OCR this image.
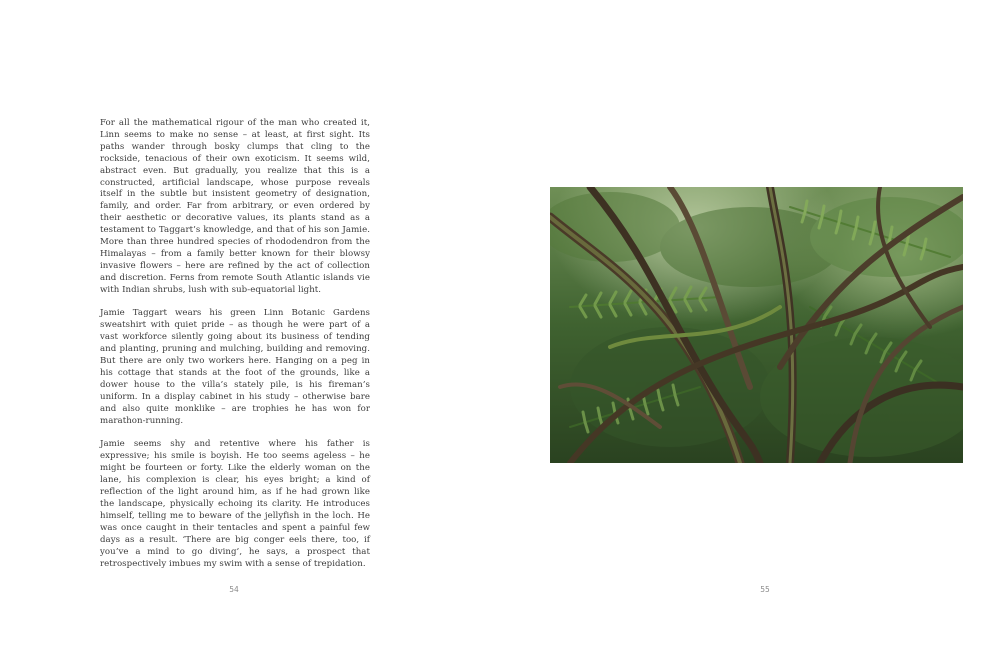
For all the mathematical rigour of the man who created it, Linn seems to make no sense – at least, at first sight. Its paths wander through bosky clumps that cling to the rockside, tenacious of their own exoticism. It seems wild, abstract even. But gradually, you realize that this is a constructed, artificial landscape, whose purpose reveals itself in the subtle but insistent geometry of designation, family, and order. Far from arbitrary, or even ordered by their aesthetic or decorative values, its plants stand as a testament to Taggart’s knowledge, and that of his son Jamie. More than three hundred species of rhododendron from the Himalayas – from a family better known for their blowsy invasive flowers – here are refined by the act of collection and discretion. Ferns from remote South Atlantic islands vie with Indian shrubs, lush with sub-equatorial light.

Jamie Taggart wears his green Linn Botanic Gardens sweatshirt with quiet pride – as though he were part of a vast workforce silently going about its business of tending and planting, pruning and mulching, building and removing. But there are only two workers here. Hanging on a peg in his cottage that stands at the foot of the grounds, like a dower house to the villa’s stately pile, is his fireman’s uniform. In a display cabinet in his study – otherwise bare and also quite monklike – are trophies he has won for marathon-running.

Jamie seems shy and retentive where his father is expressive; his smile is boyish. He too seems ageless – he might be fourteen or forty. Like the elderly woman on the lane, his complexion is clear, his eyes bright; a kind of reflection of the light around him, as if he had grown like the landscape, physically echoing its clarity. He introduces himself, telling me to beware of the jellyfish in the loch. He was once caught in their tentacles and spent a painful few days as a result. ‘There are big conger eels there, too, if you’ve a mind to go diving’, he says, a prospect that retrospectively imbues my swim with a sense of trepidation.

54	55
